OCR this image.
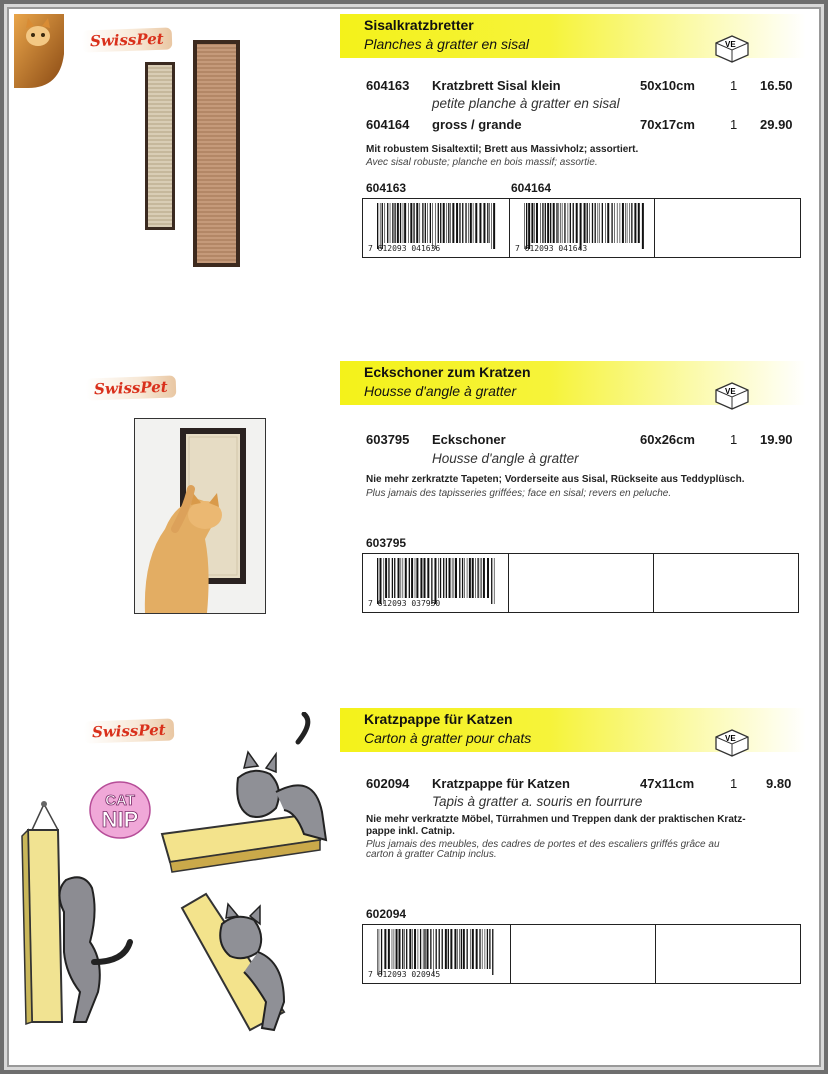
SwissPet
Sisalkratzbretter
Planches à gratter en sisal	VE
604163 Kratzbrett Sisal klein	50x10cm	1 16.50
petite planche à gratter en sisal
604164 gross / grande	70x17cm	1 29.90
Mit robustem Sisaltextil; Brett aus Massivholz; assortiert.
Avec sisal robuste; planche en bois massif; assortie.
604163	604164
7 612093 041636	7 612093 041643
SwissPet
Eckschoner zum Kratzen
Housse d'angle à gratter	VE
603795 Eckschoner	60x26cm	1 19.90
Housse d'angle à gratter
Nie mehr zerkratzte Tapeten; Vorderseite aus Sisal, Rückseite aus Teddyplüsch.
Plus jamais des tapisseries griffées; face en sisal; revers en peluche.
603795
7 612093 037950
SwissPet
CAT
NIP
Kratzpappe für Katzen
Carton à gratter pour chats	VE
602094 Kratzpappe für Katzen	47x11cm	1 9.80
Tapis à gratter a. souris en fourrure
Nie mehr verkratzte Möbel, Türrahmen und Treppen dank der praktischen Kratz-
pappe inkl. Catnip.
Plus jamais des meubles, des cadres de portes et des escaliers griffés grâce au
carton à gratter Catnip inclus.
602094
7 612093 020945
